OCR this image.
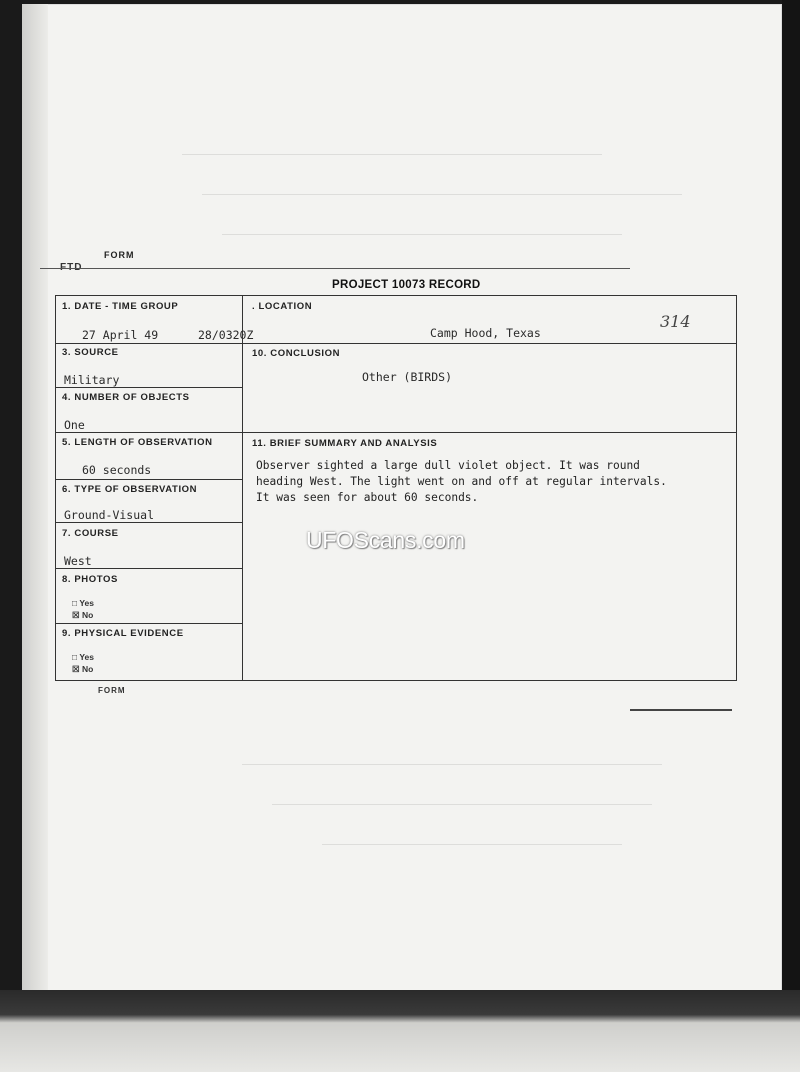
FORM
FTD
PROJECT 10073 RECORD
314
1. DATE - TIME GROUP
27 April 49	28/0320Z
. LOCATION
Camp Hood, Texas
3. SOURCE
Military
10. CONCLUSION
Other (BIRDS)
4. NUMBER OF OBJECTS
One
5. LENGTH OF OBSERVATION
60 seconds
11. BRIEF SUMMARY AND ANALYSIS
Observer sighted a large dull violet object. It was round
heading West. The light went on and off at regular intervals.
It was seen for about 60 seconds.
6. TYPE OF OBSERVATION
Ground-Visual
7. COURSE
West
8. PHOTOS
□ Yes
☒ No
9. PHYSICAL EVIDENCE
□ Yes
☒ No
FORM
UFOScans.com
